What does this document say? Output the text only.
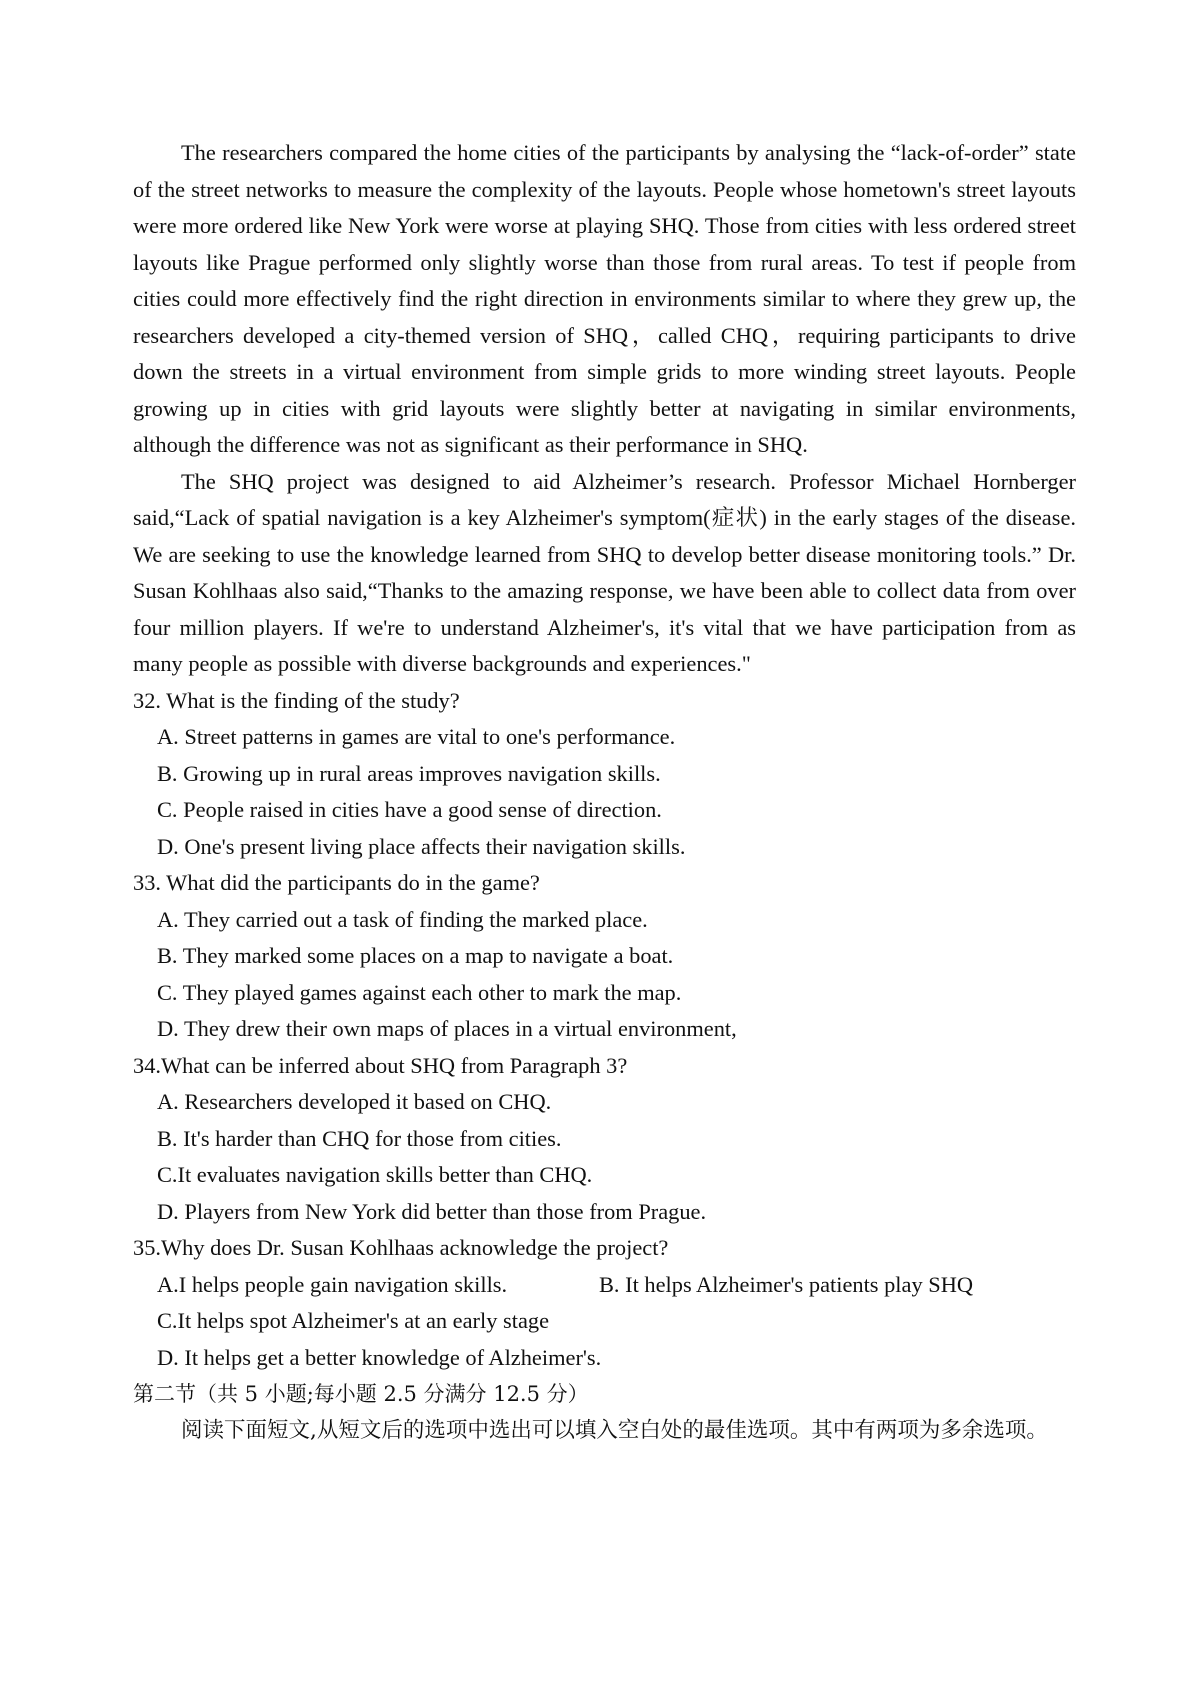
The researchers compared the home cities of the participants by analysing the “lack-of-order” state of the street networks to measure the complexity of the layouts. People whose hometown's street layouts were more ordered like New York were worse at playing SHQ. Those from cities with less ordered street layouts like Prague performed only slightly worse than those from rural areas. To test if people from cities could more effectively find the right direction in environments similar to where they grew up, the researchers developed a city-themed version of SHQ，called CHQ，requiring participants to drive down the streets in a virtual environment from simple grids to more winding street layouts. People growing up in cities with grid layouts were slightly better at navigating in similar environments, although the difference was not as significant as their performance in SHQ.

The SHQ project was designed to aid Alzheimer’s research. Professor Michael Hornberger said,“Lack of spatial navigation is a key Alzheimer's symptom(症状) in the early stages of the disease. We are seeking to use the knowledge learned from SHQ to develop better disease monitoring tools.” Dr. Susan Kohlhaas also said,“Thanks to the amazing response, we have been able to collect data from over four million players. If we're to understand Alzheimer's, it's vital that we have participation from as many people as possible with diverse backgrounds and experiences."

32. What is the finding of the study?

A. Street patterns in games are vital to one's performance.

B. Growing up in rural areas improves navigation skills.

C. People raised in cities have a good sense of direction.

D. One's present living place affects their navigation skills.

33. What did the participants do in the game?

A. They carried out a task of finding the marked place.

B. They marked some places on a map to navigate a boat.

C. They played games against each other to mark the map.

D. They drew their own maps of places in a virtual environment,

34.What can be inferred about SHQ from Paragraph 3?

A. Researchers developed it based on CHQ.

B. It's harder than CHQ for those from cities.

C.It evaluates navigation skills better than CHQ.

D. Players from New York did better than those from Prague.

35.Why does Dr. Susan Kohlhaas acknowledge the project?

A.I helps people gain navigation skills.	B. It helps Alzheimer's patients play SHQ

C.It helps spot Alzheimer's at an early stage

D. It helps get a better knowledge of Alzheimer's.

第二节（共 5 小题;每小题 2.5 分满分 12.5 分）

阅读下面短文,从短文后的选项中选出可以填入空白处的最佳选项。其中有两项为多余选项。
